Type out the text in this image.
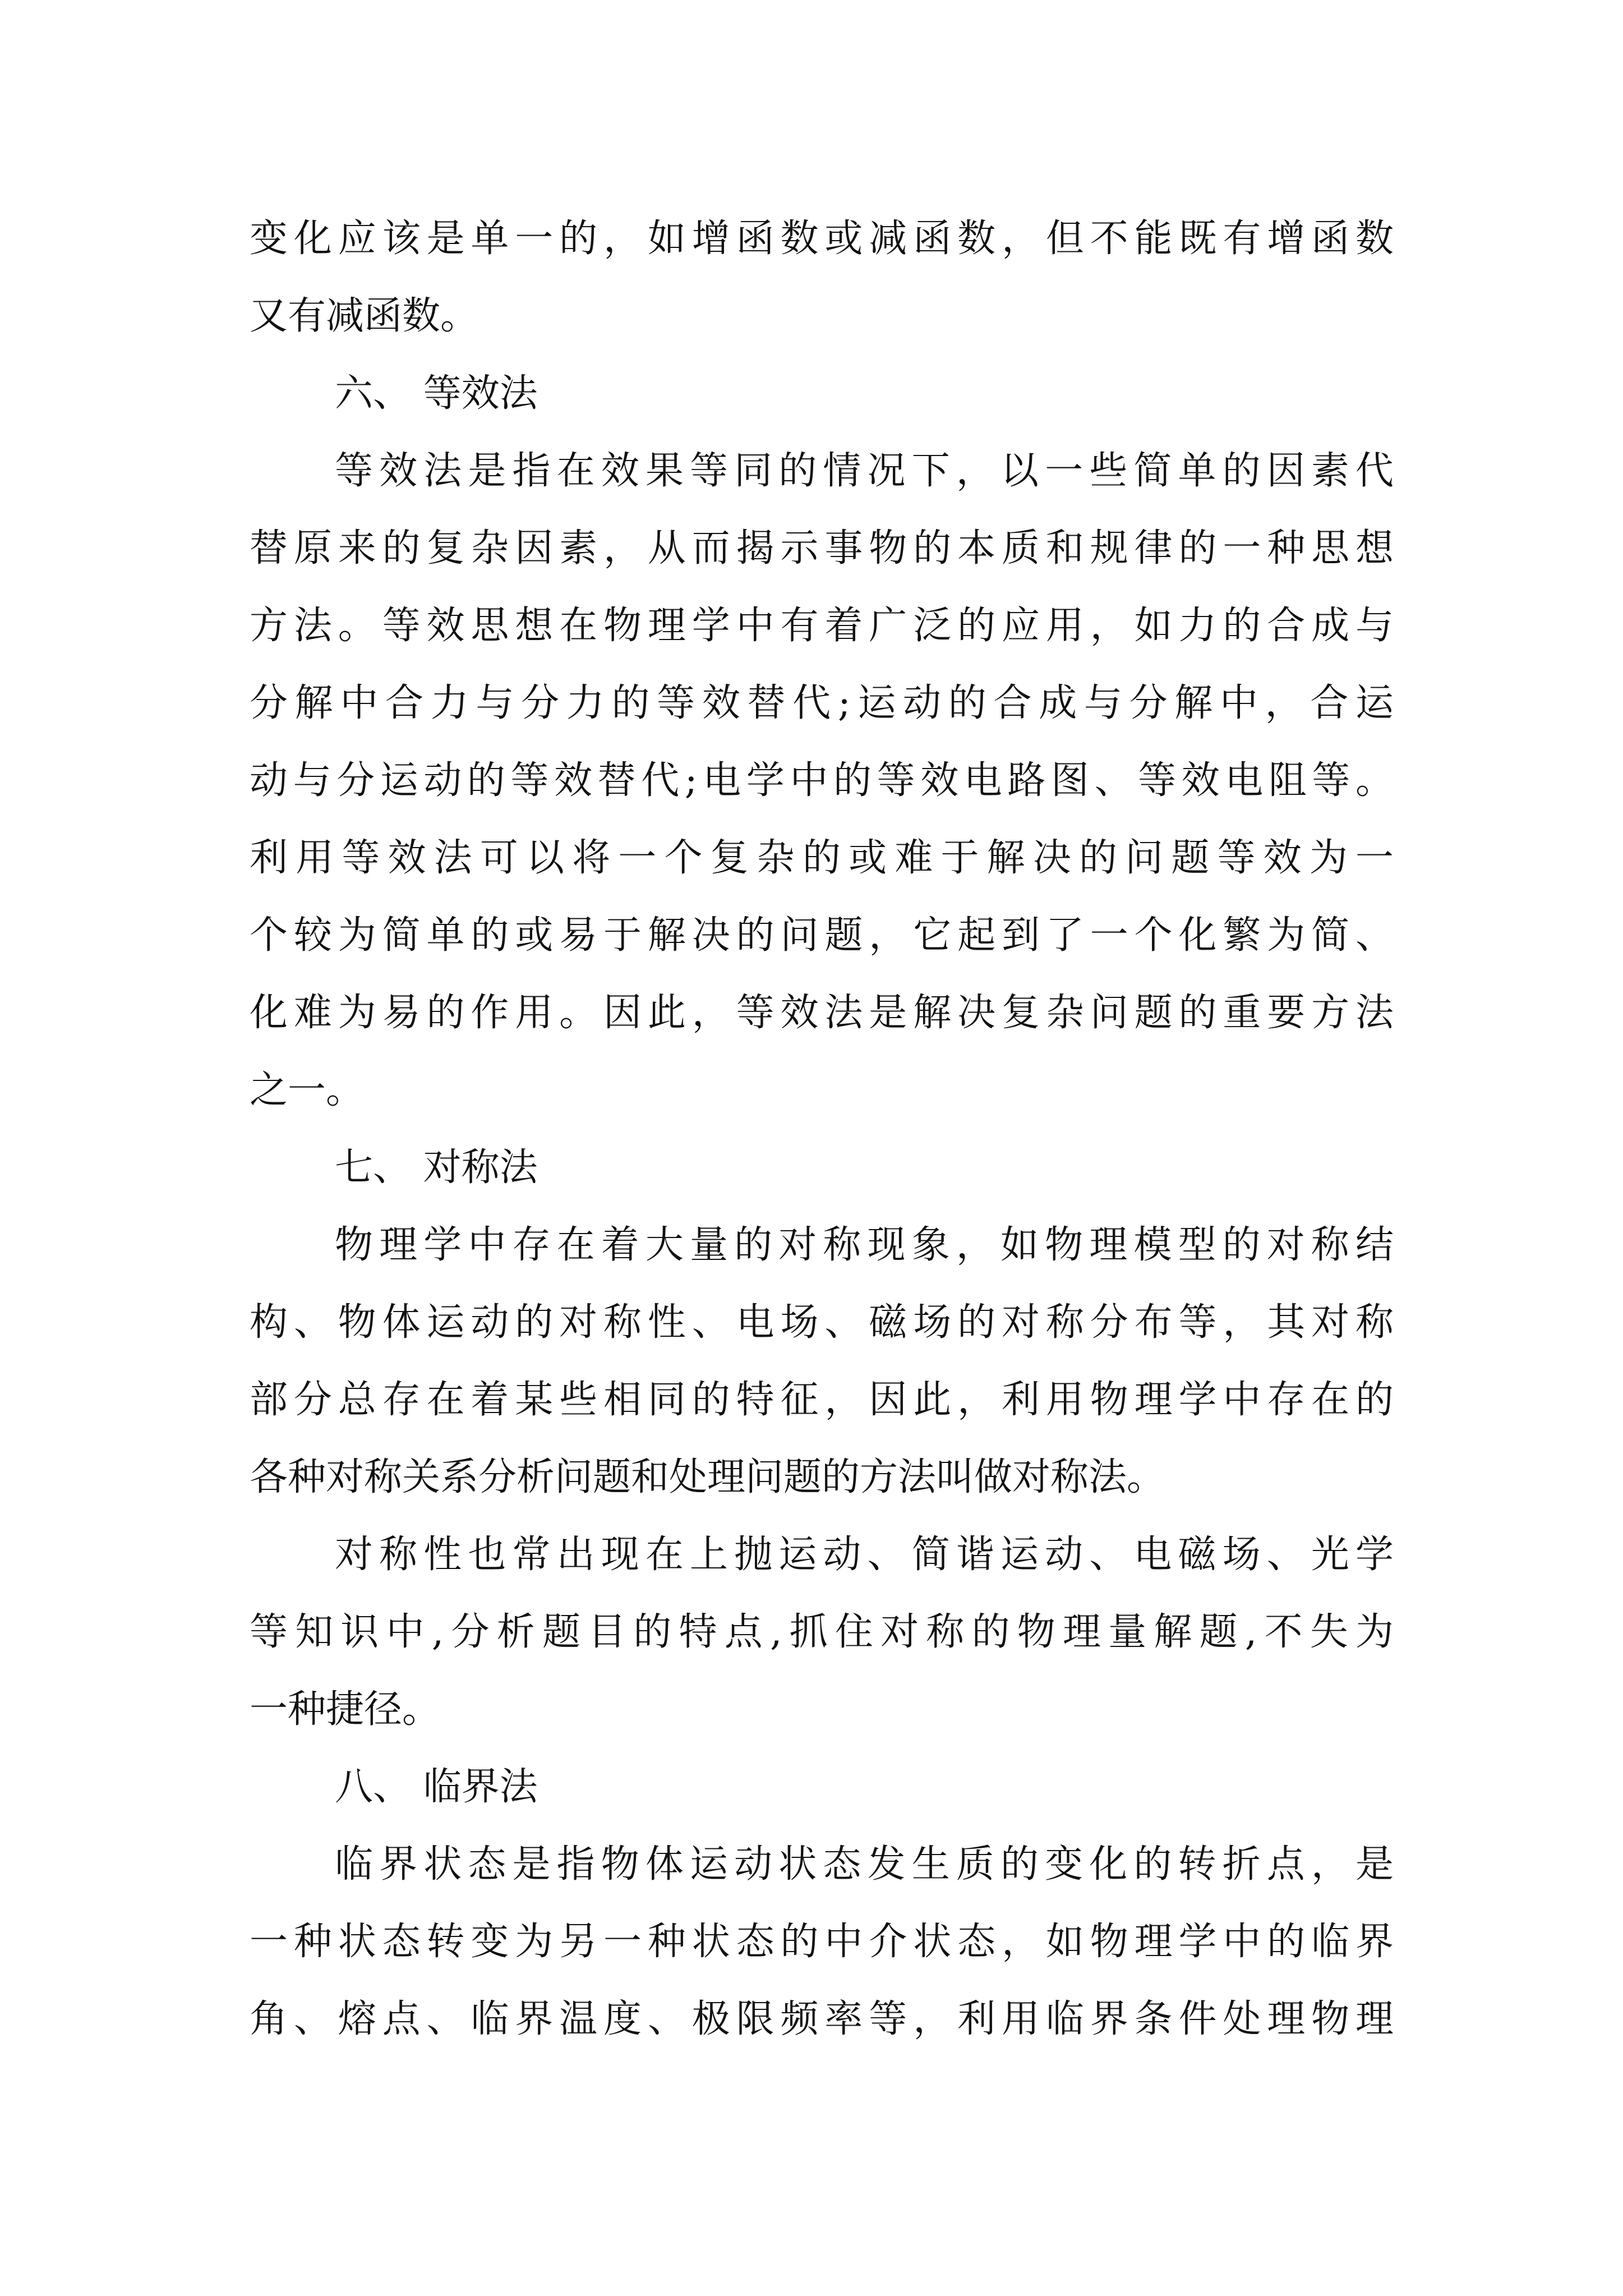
变化应该是单一的，如增函数或减函数，但不能既有增函数
又有减函数。
六、 等效法
等效法是指在效果等同的情况下，以一些简单的因素代
替原来的复杂因素，从而揭示事物的本质和规律的一种思想
方法。等效思想在物理学中有着广泛的应用，如力的合成与
分解中合力与分力的等效替代;运动的合成与分解中，合运
动与分运动的等效替代;电学中的等效电路图、等效电阻等。
利用等效法可以将一个复杂的或难于解决的问题等效为一
个较为简单的或易于解决的问题，它起到了一个化繁为简、
化难为易的作用。因此，等效法是解决复杂问题的重要方法
之一。
七、 对称法
物理学中存在着大量的对称现象，如物理模型的对称结
构、物体运动的对称性、电场、磁场的对称分布等，其对称
部分总存在着某些相同的特征，因此，利用物理学中存在的
各种对称关系分析问题和处理问题的方法叫做对称法。
对称性也常出现在上抛运动、简谐运动、电磁场、光学
等知识中,分析题目的特点,抓住对称的物理量解题,不失为
一种捷径。
八、 临界法
临界状态是指物体运动状态发生质的变化的转折点，是
一种状态转变为另一种状态的中介状态，如物理学中的临界
角、熔点、临界温度、极限频率等，利用临界条件处理物理
